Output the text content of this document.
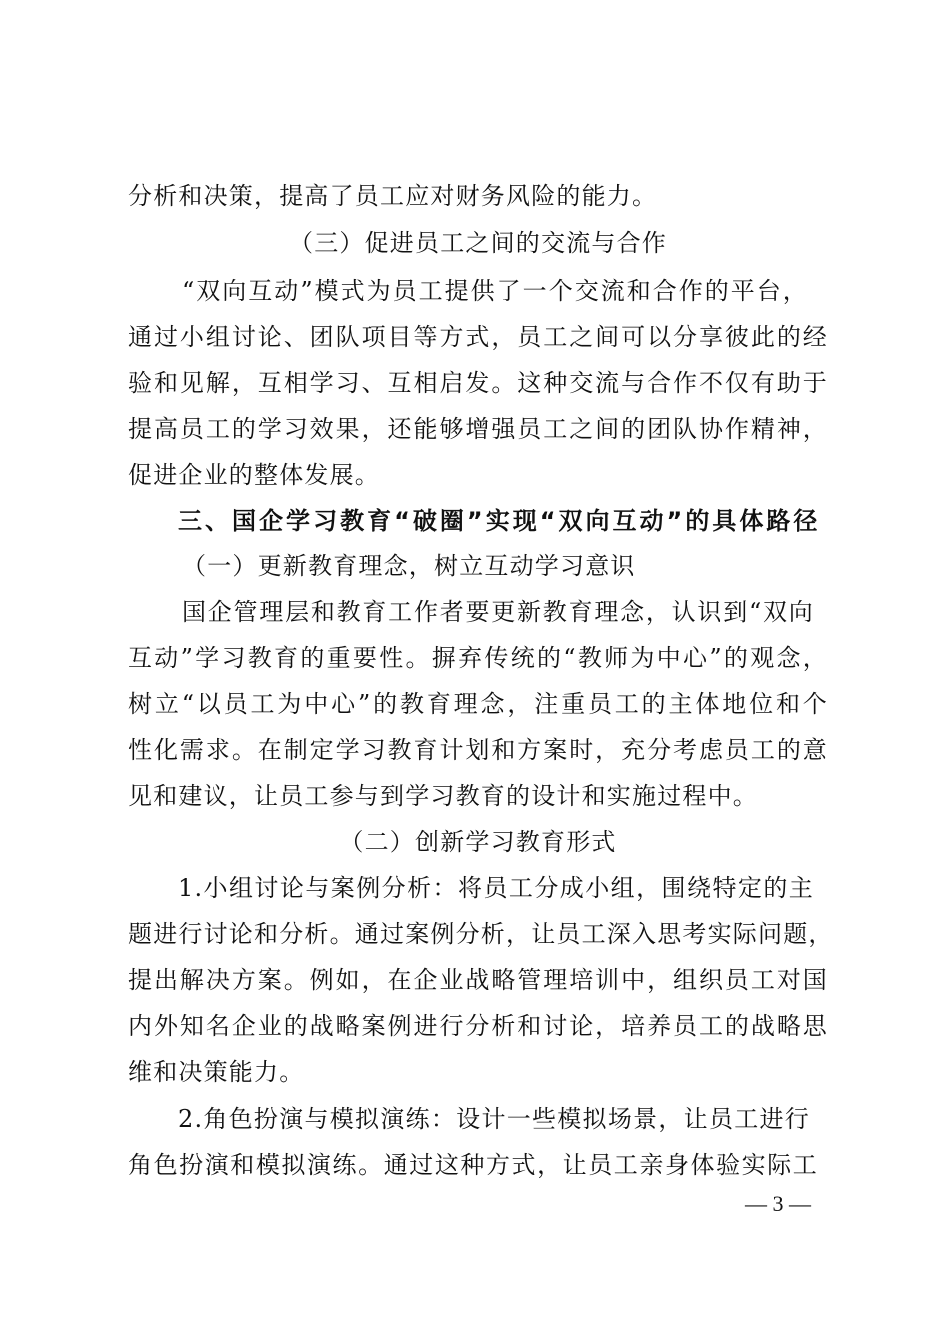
分析和决策，提高了员工应对财务风险的能力。
（三）促进员工之间的交流与合作
“双向互动”模式为员工提供了一个交流和合作的平台，
通过小组讨论、团队项目等方式，员工之间可以分享彼此的经
验和见解，互相学习、互相启发。这种交流与合作不仅有助于
提高员工的学习效果，还能够增强员工之间的团队协作精神，
促进企业的整体发展。
三、国企学习教育“破圈”实现“双向互动”的具体路径
（一）更新教育理念，树立互动学习意识
国企管理层和教育工作者要更新教育理念，认识到“双向
互动”学习教育的重要性。摒弃传统的“教师为中心”的观念，
树立“以员工为中心”的教育理念，注重员工的主体地位和个
性化需求。在制定学习教育计划和方案时，充分考虑员工的意
见和建议，让员工参与到学习教育的设计和实施过程中。
（二）创新学习教育形式
1.小组讨论与案例分析：将员工分成小组，围绕特定的主
题进行讨论和分析。通过案例分析，让员工深入思考实际问题，
提出解决方案。例如，在企业战略管理培训中，组织员工对国
内外知名企业的战略案例进行分析和讨论，培养员工的战略思
维和决策能力。
2.角色扮演与模拟演练：设计一些模拟场景，让员工进行
角色扮演和模拟演练。通过这种方式，让员工亲身体验实际工
— 3 —
